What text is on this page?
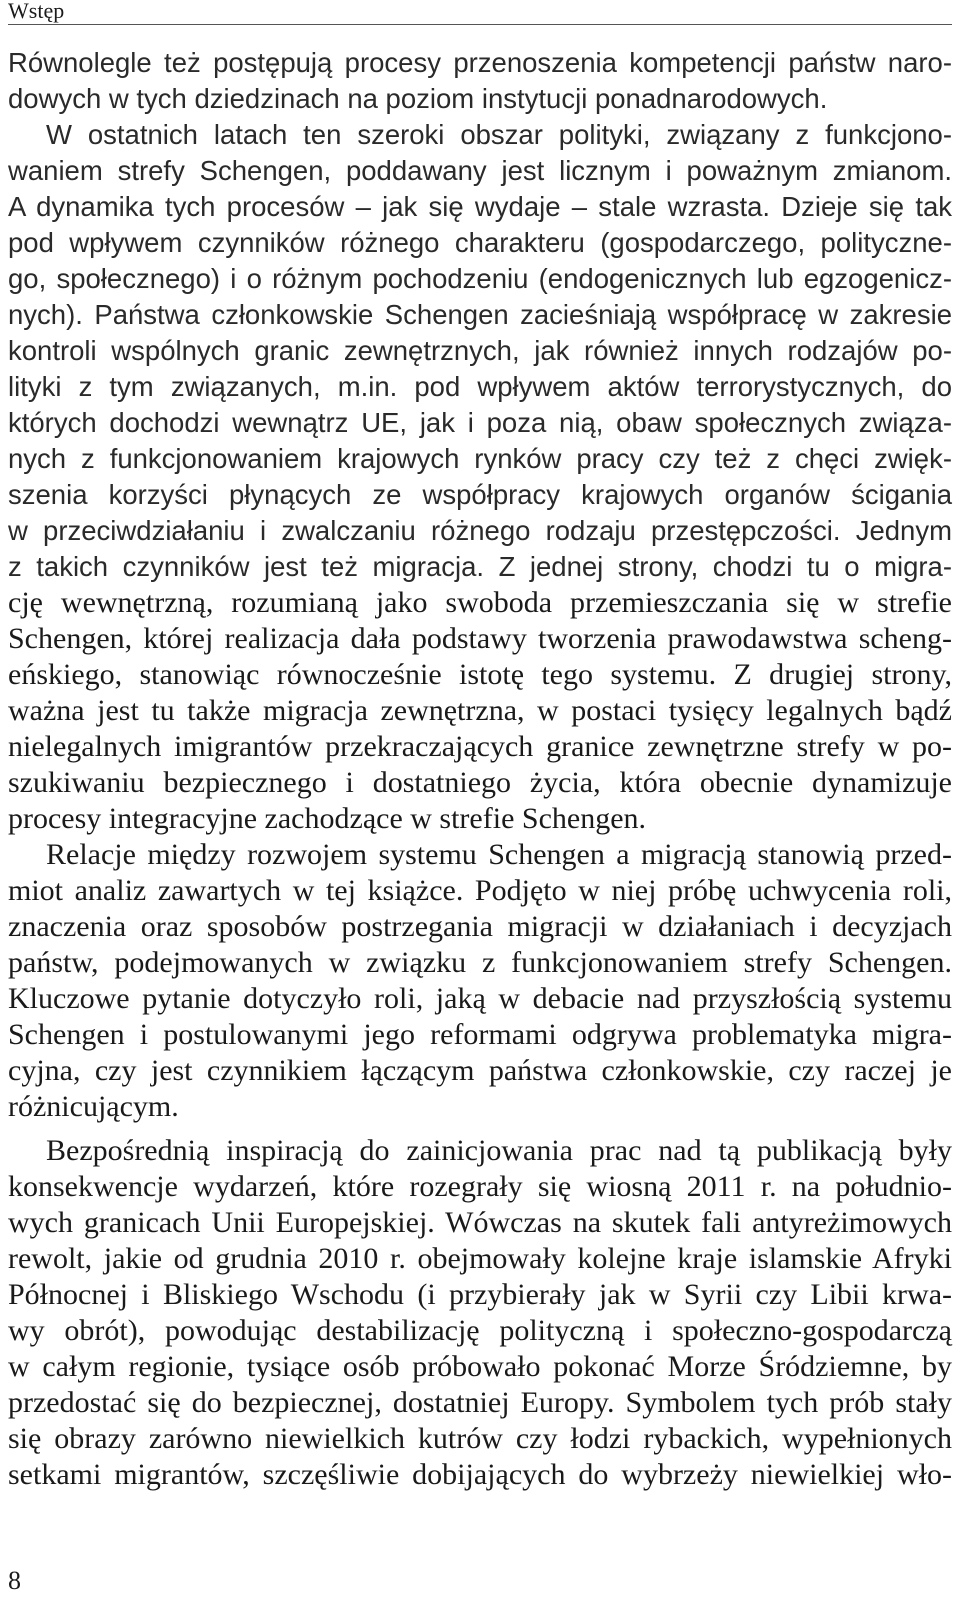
Wstęp
Równolegle też postępują procesy przenoszenia kompetencji państw naro-
dowych w tych dziedzinach na poziom instytucji ponadnarodowych.
W ostatnich latach ten szeroki obszar polityki, związany z funkcjono-
waniem strefy Schengen, poddawany jest licznym i poważnym zmianom.
A dynamika tych procesów – jak się wydaje – stale wzrasta. Dzieje się tak
pod wpływem czynników różnego charakteru (gospodarczego, polityczne-
go, społecznego) i o różnym pochodzeniu (endogenicznych lub egzogenicz-
nych). Państwa członkowskie Schengen zacieśniają współpracę w zakresie
kontroli wspólnych granic zewnętrznych, jak również innych rodzajów po-
lityki z tym związanych, m.in. pod wpływem aktów terrorystycznych, do
których dochodzi wewnątrz UE, jak i poza nią, obaw społecznych związa-
nych z funkcjonowaniem krajowych rynków pracy czy też z chęci zwięk-
szenia korzyści płynących ze współpracy krajowych organów ścigania
w przeciwdziałaniu i zwalczaniu różnego rodzaju przestępczości. Jednym
z takich czynników jest też migracja. Z jednej strony, chodzi tu o migra-
cję wewnętrzną, rozumianą jako swoboda przemieszczania się w strefie
Schengen, której realizacja dała podstawy tworzenia prawodawstwa scheng-
eńskiego, stanowiąc równocześnie istotę tego systemu. Z drugiej strony,
ważna jest tu także migracja zewnętrzna, w postaci tysięcy legalnych bądź
nielegalnych imigrantów przekraczających granice zewnętrzne strefy w po-
szukiwaniu bezpiecznego i dostatniego życia, która obecnie dynamizuje
procesy integracyjne zachodzące w strefie Schengen.
Relacje między rozwojem systemu Schengen a migracją stanowią przed-
miot analiz zawartych w tej książce. Podjęto w niej próbę uchwycenia roli,
znaczenia oraz sposobów postrzegania migracji w działaniach i decyzjach
państw, podejmowanych w związku z funkcjonowaniem strefy Schengen.
Kluczowe pytanie dotyczyło roli, jaką w debacie nad przyszłością systemu
Schengen i postulowanymi jego reformami odgrywa problematyka migra-
cyjna, czy jest czynnikiem łączącym państwa członkowskie, czy raczej je
różnicującym.
Bezpośrednią inspiracją do zainicjowania prac nad tą publikacją były
konsekwencje wydarzeń, które rozegrały się wiosną 2011 r. na południo-
wych granicach Unii Europejskiej. Wówczas na skutek fali antyreżimowych
rewolt, jakie od grudnia 2010 r. obejmowały kolejne kraje islamskie Afryki
Północnej i Bliskiego Wschodu (i przybierały jak w Syrii czy Libii krwa-
wy obrót), powodując destabilizację polityczną i społeczno-gospodarczą
w całym regionie, tysiące osób próbowało pokonać Morze Śródziemne, by
przedostać się do bezpiecznej, dostatniej Europy. Symbolem tych prób stały
się obrazy zarówno niewielkich kutrów czy łodzi rybackich, wypełnionych
setkami migrantów, szczęśliwie dobijających do wybrzeży niewielkiej wło-
8
